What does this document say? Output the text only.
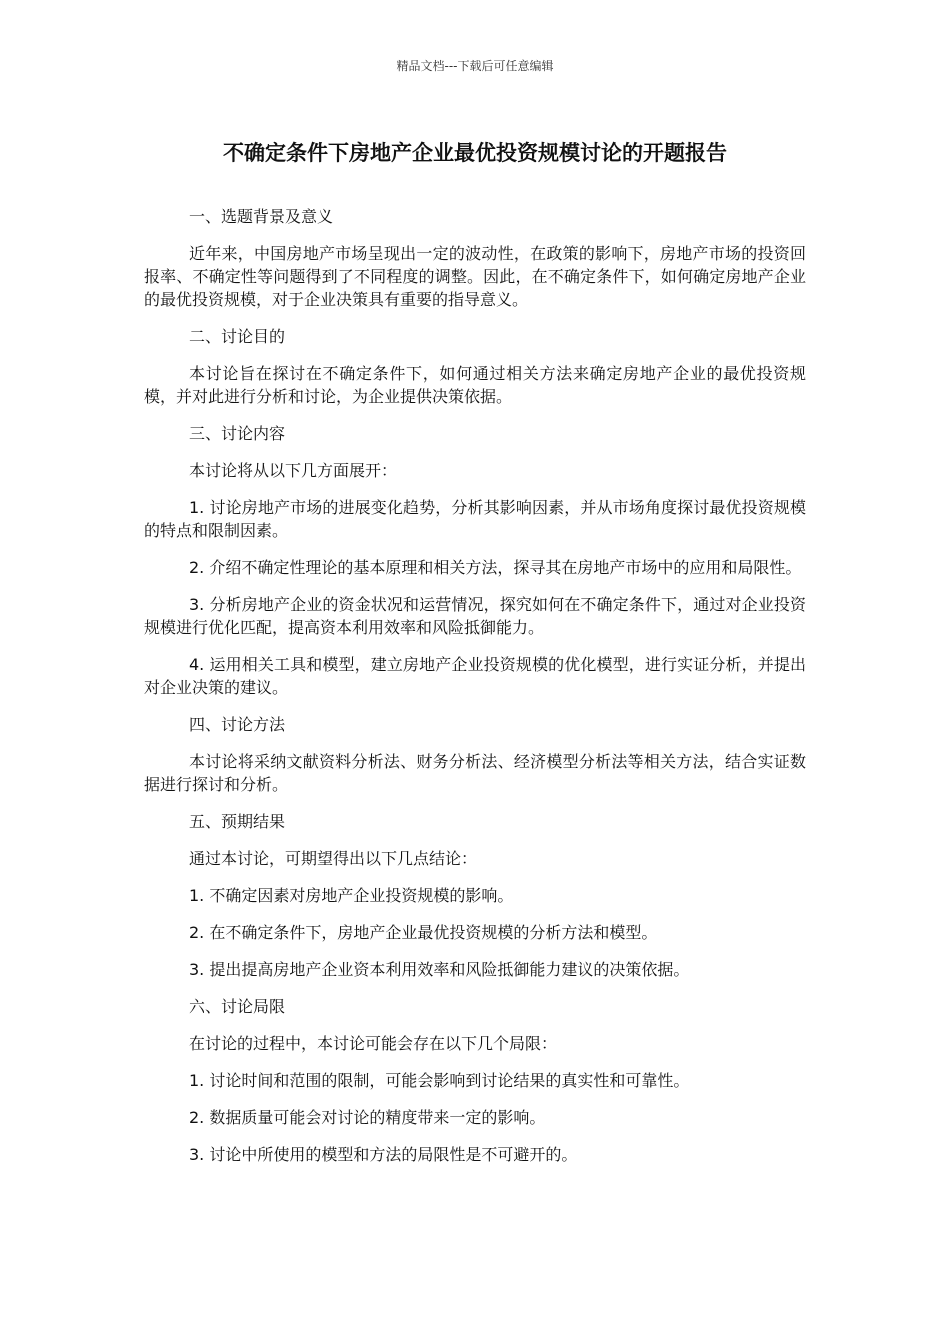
精品文档---下载后可任意编辑
不确定条件下房地产企业最优投资规模讨论的开题报告

一、选题背景及意义

近年来，中国房地产市场呈现出一定的波动性，在政策的影响下，房地产市场的投资回报率、不确定性等问题得到了不同程度的调整。因此，在不确定条件下，如何确定房地产企业的最优投资规模，对于企业决策具有重要的指导意义。

二、讨论目的

本讨论旨在探讨在不确定条件下，如何通过相关方法来确定房地产企业的最优投资规模，并对此进行分析和讨论，为企业提供决策依据。

三、讨论内容

本讨论将从以下几方面展开：

1. 讨论房地产市场的进展变化趋势，分析其影响因素，并从市场角度探讨最优投资规模的特点和限制因素。

2. 介绍不确定性理论的基本原理和相关方法，探寻其在房地产市场中的应用和局限性。

3. 分析房地产企业的资金状况和运营情况，探究如何在不确定条件下，通过对企业投资规模进行优化匹配，提高资本利用效率和风险抵御能力。

4. 运用相关工具和模型，建立房地产企业投资规模的优化模型，进行实证分析，并提出对企业决策的建议。

四、讨论方法

本讨论将采纳文献资料分析法、财务分析法、经济模型分析法等相关方法，结合实证数据进行探讨和分析。

五、预期结果

通过本讨论，可期望得出以下几点结论：

1. 不确定因素对房地产企业投资规模的影响。

2. 在不确定条件下，房地产企业最优投资规模的分析方法和模型。

3. 提出提高房地产企业资本利用效率和风险抵御能力建议的决策依据。

六、讨论局限

在讨论的过程中，本讨论可能会存在以下几个局限：

1. 讨论时间和范围的限制，可能会影响到讨论结果的真实性和可靠性。

2. 数据质量可能会对讨论的精度带来一定的影响。

3. 讨论中所使用的模型和方法的局限性是不可避开的。
